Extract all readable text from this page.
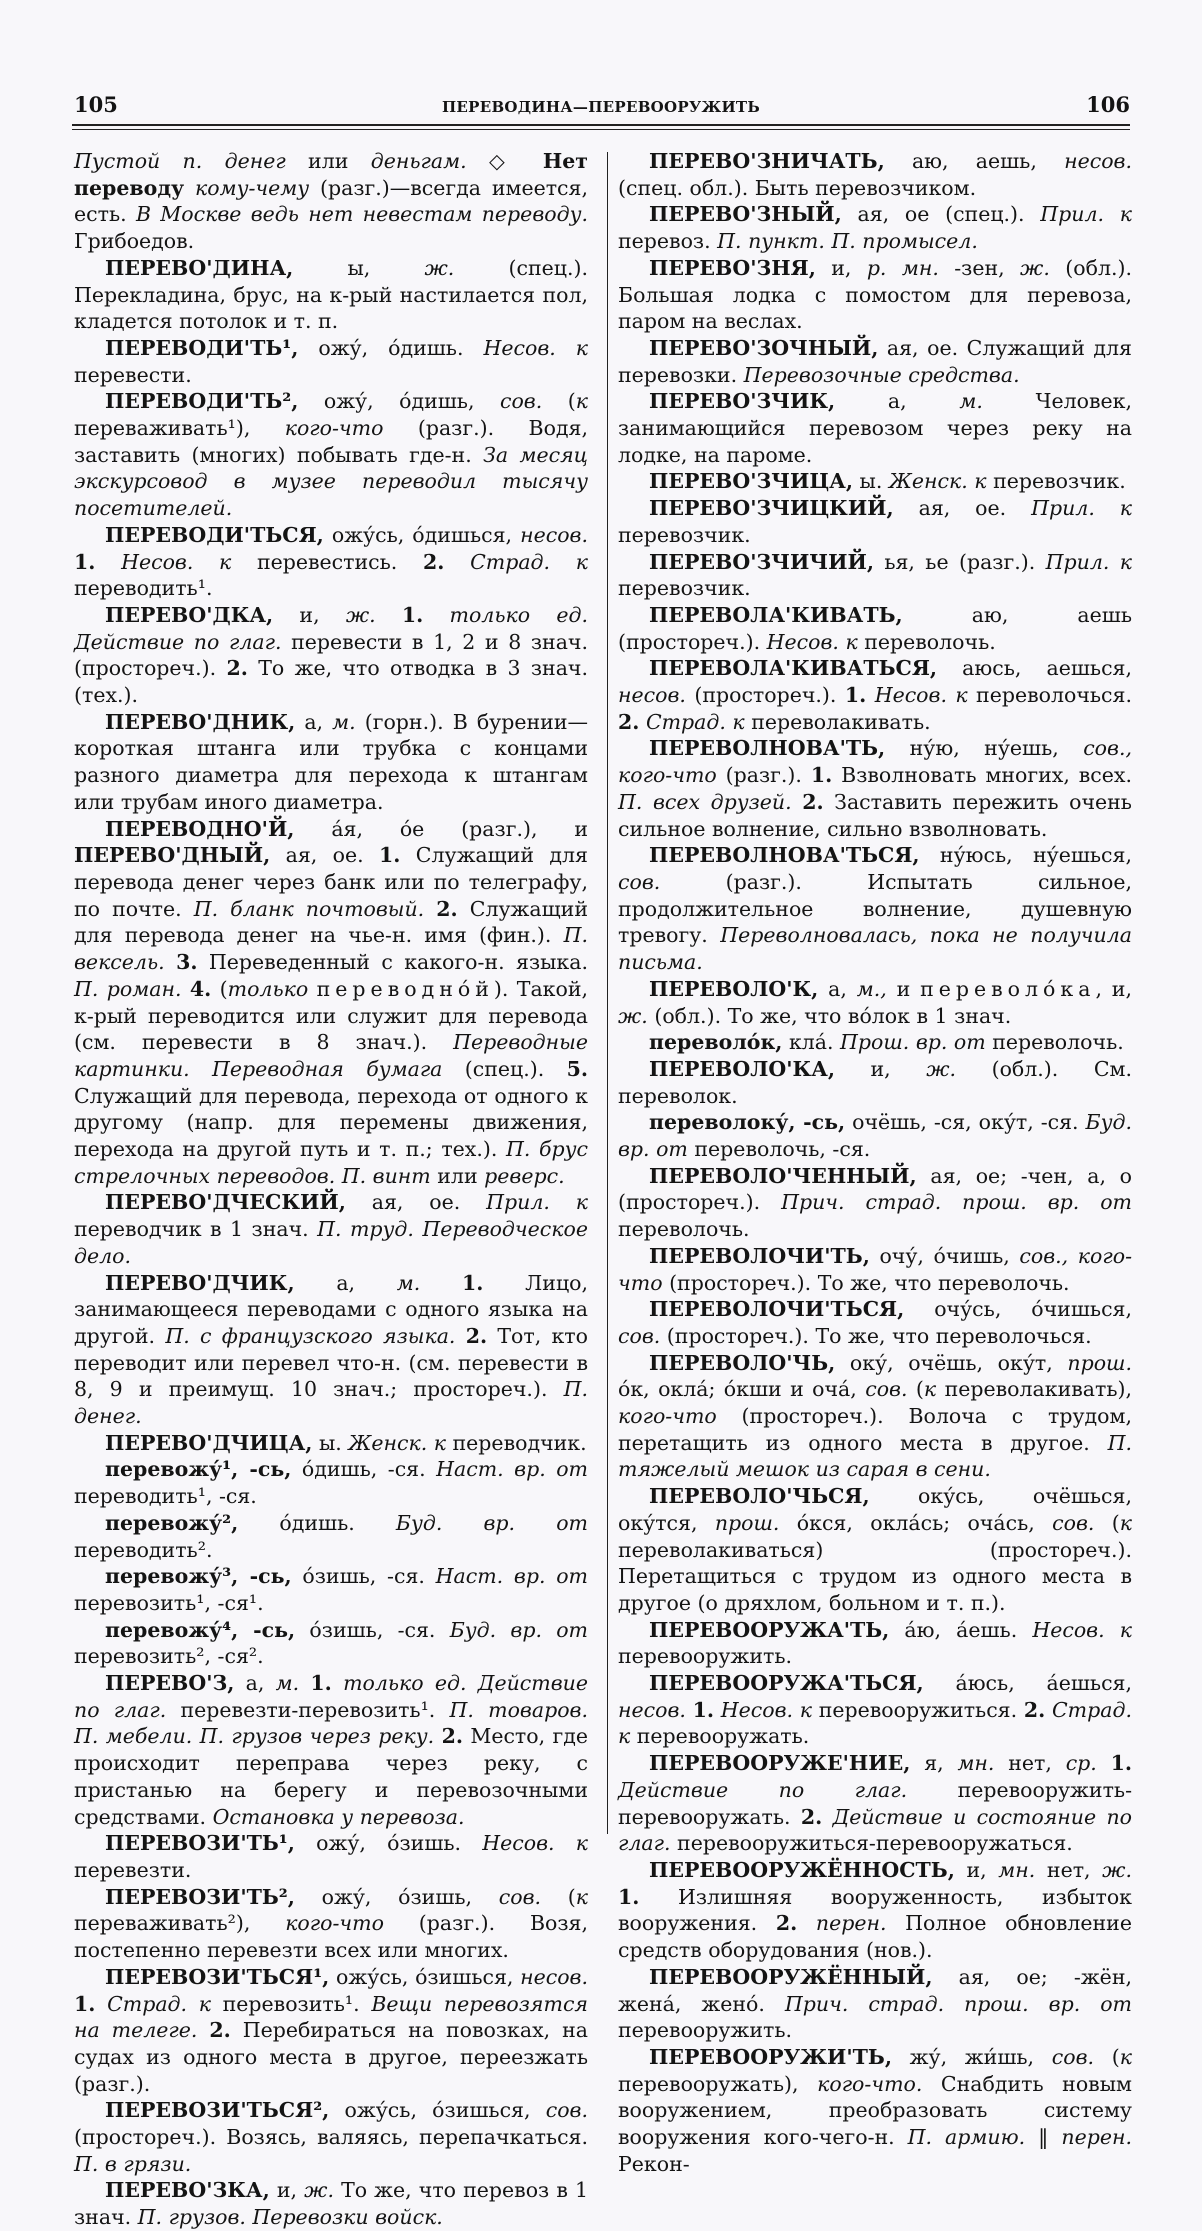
105	ПЕРЕВОДИНА—ПЕРЕВООРУЖИТЬ	106

Пустой п. денег или деньгам. ◇ Нет переводу кому-чему (разг.)—всегда имеется, есть. В Москве ведь нет невестам переводу. Грибоедов.

ПЕРЕВО'ДИНА, ы, ж. (спец.). Перекладина, брус, на к-рый настилается пол, кладется потолок и т. п.

ПЕРЕВОДИ'ТЬ¹, ожу́, о́дишь. Несов. к перевести.

ПЕРЕВОДИ'ТЬ², ожу́, о́дишь, сов. (к переваживать¹), кого-что (разг.). Водя, заставить (многих) побывать где-н. За месяц экскурсовод в музее переводил тысячу посетителей.

ПЕРЕВОДИ'ТЬСЯ, ожу́сь, о́дишься, несов. 1. Несов. к перевестись. 2. Страд. к переводить¹.

ПЕРЕВО'ДКА, и, ж. 1. только ед. Действие по глаг. перевести в 1, 2 и 8 знач. (простореч.). 2. То же, что отводка в 3 знач. (тех.).

ПЕРЕВО'ДНИК, а, м. (горн.). В бурении—короткая штанга или трубка с концами разного диаметра для перехода к штангам или трубам иного диаметра.

ПЕРЕВОДНО'Й, а́я, о́е (разг.), и ПЕРЕВО'ДНЫЙ, ая, ое. 1. Служащий для перевода денег через банк или по телеграфу, по почте. П. бланк почтовый. 2. Служащий для перевода денег на чье-н. имя (фин.). П. вексель. 3. Переведенный с какого-н. языка. П. роман. 4. (только переводно́й). Такой, к-рый переводится или служит для перевода (см. перевести в 8 знач.). Переводные картинки. Переводная бумага (спец.). 5. Служащий для перевода, перехода от одного к другому (напр. для перемены движения, перехода на другой путь и т. п.; тех.). П. брус стрелочных переводов. П. винт или реверс.

ПЕРЕВО'ДЧЕСКИЙ, ая, ое. Прил. к переводчик в 1 знач. П. труд. Переводческое дело.

ПЕРЕВО'ДЧИК, а, м. 1. Лицо, занимающееся переводами с одного языка на другой. П. с французского языка. 2. Тот, кто переводит или перевел что-н. (см. перевести в 8, 9 и преимущ. 10 знач.; простореч.). П. денег.

ПЕРЕВО'ДЧИЦА, ы. Женск. к переводчик.

перевожу́¹, -сь, о́дишь, -ся. Наст. вр. от переводить¹, -ся.

перевожу́², о́дишь. Буд. вр. от переводить².

перевожу́³, -сь, о́зишь, -ся. Наст. вр. от перевозить¹, -ся¹.

перевожу́⁴, -сь, о́зишь, -ся. Буд. вр. от перевозить², -ся².

ПЕРЕВО'З, а, м. 1. только ед. Действие по глаг. перевезти-перевозить¹. П. товаров. П. мебели. П. грузов через реку. 2. Место, где происходит переправа через реку, с пристанью на берегу и перевозочными средствами. Остановка у перевоза.

ПЕРЕВОЗИ'ТЬ¹, ожу́, о́зишь. Несов. к перевезти.

ПЕРЕВОЗИ'ТЬ², ожу́, о́зишь, сов. (к переваживать²), кого-что (разг.). Возя, постепенно перевезти всех или многих.

ПЕРЕВОЗИ'ТЬСЯ¹, ожу́сь, о́зишься, несов. 1. Страд. к перевозить¹. Вещи перевозятся на телеге. 2. Перебираться на повозках, на судах из одного места в другое, переезжать (разг.).

ПЕРЕВОЗИ'ТЬСЯ², ожу́сь, о́зишься, сов. (простореч.). Возясь, валяясь, перепачкаться. П. в грязи.

ПЕРЕВО'ЗКА, и, ж. То же, что перевоз в 1 знач. П. грузов. Перевозки войск.

ПЕРЕВО'ЗНИЧАТЬ, аю, аешь, несов. (спец. обл.). Быть перевозчиком.

ПЕРЕВО'ЗНЫЙ, ая, ое (спец.). Прил. к перевоз. П. пункт. П. промысел.

ПЕРЕВО'ЗНЯ, и, р. мн. -зен, ж. (обл.). Большая лодка с помостом для перевоза, паром на веслах.

ПЕРЕВО'ЗОЧНЫЙ, ая, ое. Служащий для перевозки. Перевозочные средства.

ПЕРЕВО'ЗЧИК, а, м. Человек, занимающийся перевозом через реку на лодке, на пароме.

ПЕРЕВО'ЗЧИЦА, ы. Женск. к перевозчик.

ПЕРЕВО'ЗЧИЦКИЙ, ая, ое. Прил. к перевозчик.

ПЕРЕВО'ЗЧИЧИЙ, ья, ье (разг.). Прил. к перевозчик.

ПЕРЕВОЛА'КИВАТЬ, аю, аешь (простореч.). Несов. к переволочь.

ПЕРЕВОЛА'КИВАТЬСЯ, аюсь, аешься, несов. (простореч.). 1. Несов. к переволочься. 2. Страд. к переволакивать.

ПЕРЕВОЛНОВА'ТЬ, ну́ю, ну́ешь, сов., кого-что (разг.). 1. Взволновать многих, всех. П. всех друзей. 2. Заставить пережить очень сильное волнение, сильно взволновать.

ПЕРЕВОЛНОВА'ТЬСЯ, ну́юсь, ну́ешься, сов. (разг.). Испытать сильное, продолжительное волнение, душевную тревогу. Переволновалась, пока не получила письма.

ПЕРЕВОЛО'К, а, м., и переволо́ка, и, ж. (обл.). То же, что во́лок в 1 знач.

переволо́к, кла́. Прош. вр. от переволочь.

ПЕРЕВОЛО'КА, и, ж. (обл.). См. переволок.

переволоку́, -сь, очёшь, -ся, оку́т, -ся. Буд. вр. от переволочь, -ся.

ПЕРЕВОЛО'ЧЕННЫЙ, ая, ое; -чен, а, о (простореч.). Прич. страд. прош. вр. от переволочь.

ПЕРЕВОЛОЧИ'ТЬ, очу́, о́чишь, сов., кого-что (простореч.). То же, что переволочь.

ПЕРЕВОЛОЧИ'ТЬСЯ, очу́сь, о́чишься, сов. (простореч.). То же, что переволочься.

ПЕРЕВОЛО'ЧЬ, оку́, очёшь, оку́т, прош. о́к, окла́; о́кши и оча́, сов. (к переволакивать), кого-что (простореч.). Волоча с трудом, перетащить из одного места в другое. П. тяжелый мешок из сарая в сени.

ПЕРЕВОЛО'ЧЬСЯ, оку́сь, очёшься, оку́тся, прош. о́кся, окла́сь; оча́сь, сов. (к переволакиваться) (простореч.). Перетащиться с трудом из одного места в другое (о дряхлом, больном и т. п.).

ПЕРЕВООРУЖА'ТЬ, а́ю, а́ешь. Несов. к перевооружить.

ПЕРЕВООРУЖА'ТЬСЯ, а́юсь, а́ешься, несов. 1. Несов. к перевооружиться. 2. Страд. к перевооружать.

ПЕРЕВООРУЖЕ'НИЕ, я, мн. нет, ср. 1. Действие по глаг. перевооружить-перевооружать. 2. Действие и состояние по глаг. перевооружиться-перевооружаться.

ПЕРЕВООРУЖЁННОСТЬ, и, мн. нет, ж. 1. Излишняя вооруженность, избыток вооружения. 2. перен. Полное обновление средств оборудования (нов.).

ПЕРЕВООРУЖЁННЫЙ, ая, ое; -жён, жена́, жено́. Прич. страд. прош. вр. от перевооружить.

ПЕРЕВООРУЖИ'ТЬ, жу́, жи́шь, сов. (к перевооружать), кого-что. Снабдить новым вооружением, преобразовать систему вооружения кого-чего-н. П. армию. ‖ перен. Рекон-
